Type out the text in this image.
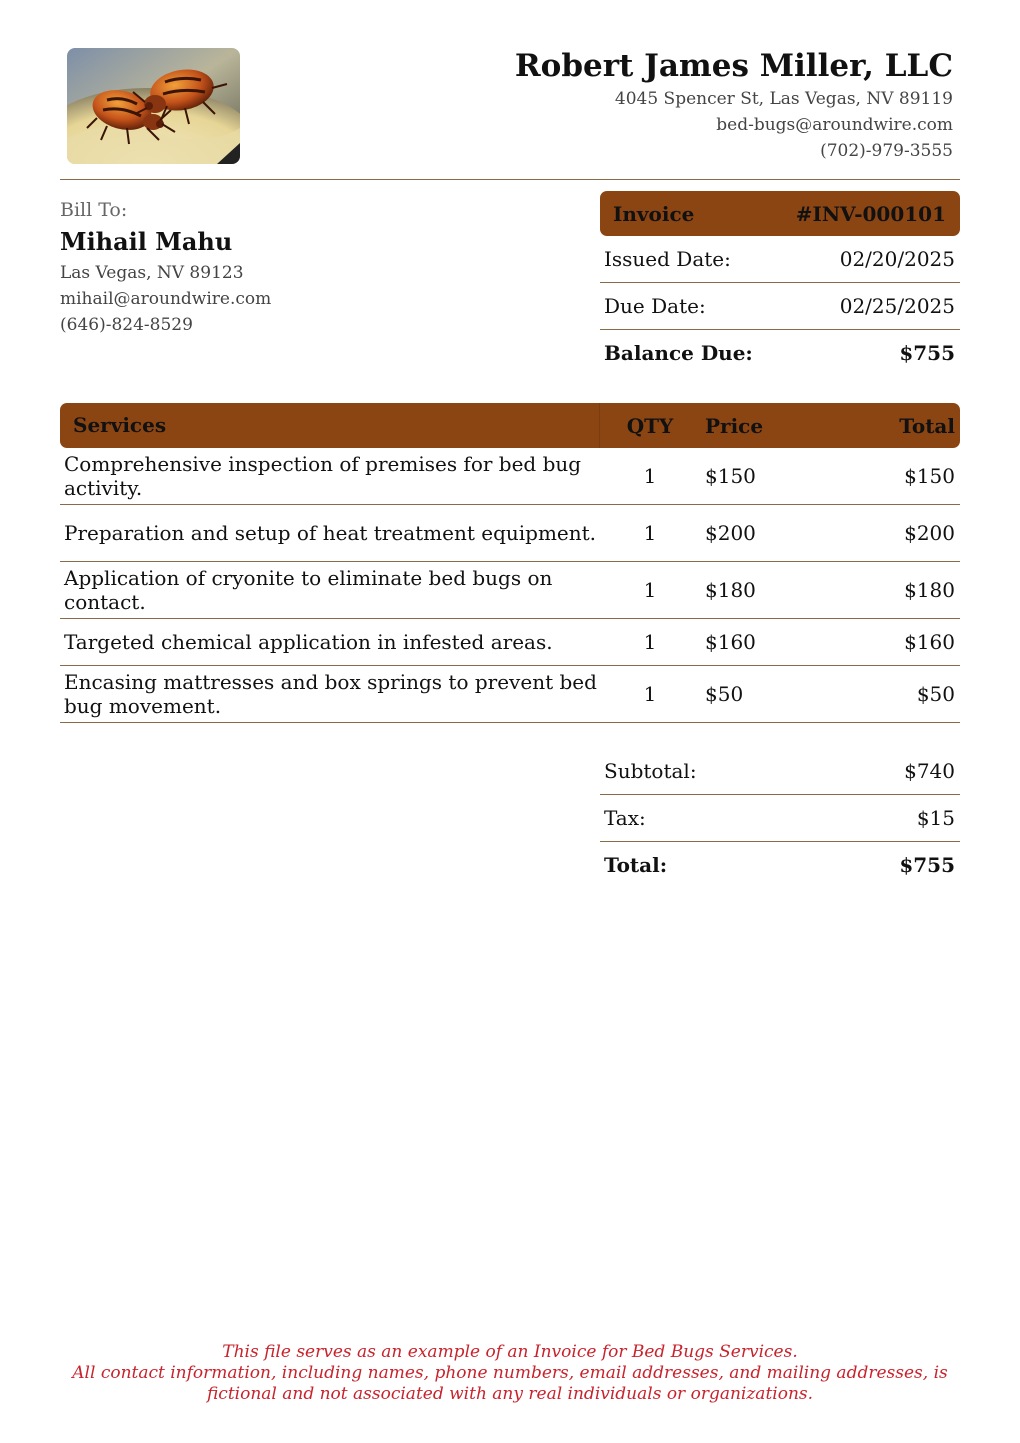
Robert James Miller, LLC
4045 Spencer St, Las Vegas, NV 89119
bed-bugs@aroundwire.com
(702)-979-3555
Bill To:
Mihail Mahu
Las Vegas, NV 89123
mihail@aroundwire.com
(646)-824-8529
Invoice	#INV-000101
Issued Date:	02/20/2025
Due Date:	02/25/2025
Balance Due:	$755
Services	QTY	Price	Total
Comprehensive inspection of premises for bed bug activity.	1	$150	$150
Preparation and setup of heat treatment equipment.	1	$200	$200
Application of cryonite to eliminate bed bugs on contact.	1	$180	$180
Targeted chemical application in infested areas.	1	$160	$160
Encasing mattresses and box springs to prevent bed bug movement.	1	$50	$50
Subtotal:	$740
Tax:	$15
Total:	$755
This file serves as an example of an Invoice for Bed Bugs Services.
All contact information, including names, phone numbers, email addresses, and mailing addresses, is
fictional and not associated with any real individuals or organizations.
